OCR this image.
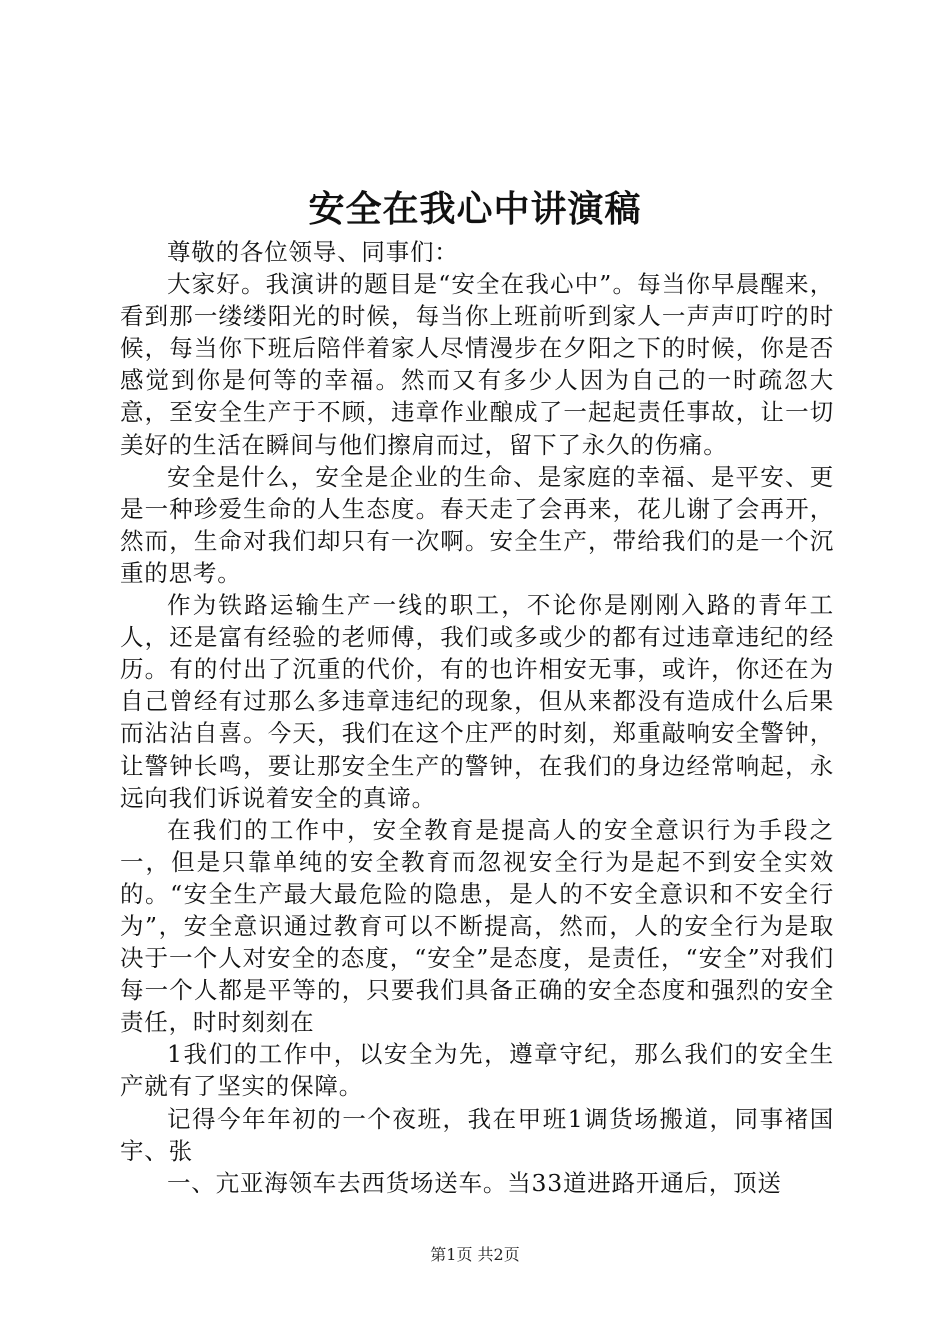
安全在我心中讲演稿

尊敬的各位领导、同事们：

大家好。我演讲的题目是“安全在我心中”。每当你早晨醒来，看到那一缕缕阳光的时候，每当你上班前听到家人一声声叮咛的时候，每当你下班后陪伴着家人尽情漫步在夕阳之下的时候，你是否感觉到你是何等的幸福。然而又有多少人因为自己的一时疏忽大意，至安全生产于不顾，违章作业酿成了一起起责任事故，让一切美好的生活在瞬间与他们擦肩而过，留下了永久的伤痛。

安全是什么，安全是企业的生命、是家庭的幸福、是平安、更是一种珍爱生命的人生态度。春天走了会再来，花儿谢了会再开，然而，生命对我们却只有一次啊。安全生产，带给我们的是一个沉重的思考。

作为铁路运输生产一线的职工，不论你是刚刚入路的青年工人，还是富有经验的老师傅，我们或多或少的都有过违章违纪的经历。有的付出了沉重的代价，有的也许相安无事，或许，你还在为自己曾经有过那么多违章违纪的现象，但从来都没有造成什么后果而沾沾自喜。今天，我们在这个庄严的时刻，郑重敲响安全警钟，让警钟长鸣，要让那安全生产的警钟，在我们的身边经常响起，永远向我们诉说着安全的真谛。

在我们的工作中，安全教育是提高人的安全意识行为手段之一，但是只靠单纯的安全教育而忽视安全行为是起不到安全实效的。“安全生产最大最危险的隐患，是人的不安全意识和不安全行为”，安全意识通过教育可以不断提高，然而，人的安全行为是取决于一个人对安全的态度，“安全”是态度，是责任，“安全”对我们每一个人都是平等的，只要我们具备正确的安全态度和强烈的安全责任，时时刻刻在

1我们的工作中，以安全为先，遵章守纪，那么我们的安全生产就有了坚实的保障。

记得今年年初的一个夜班，我在甲班1调货场搬道，同事褚国宇、张

一、亢亚海领车去西货场送车。当33道进路开通后，顶送

第1页 共2页
